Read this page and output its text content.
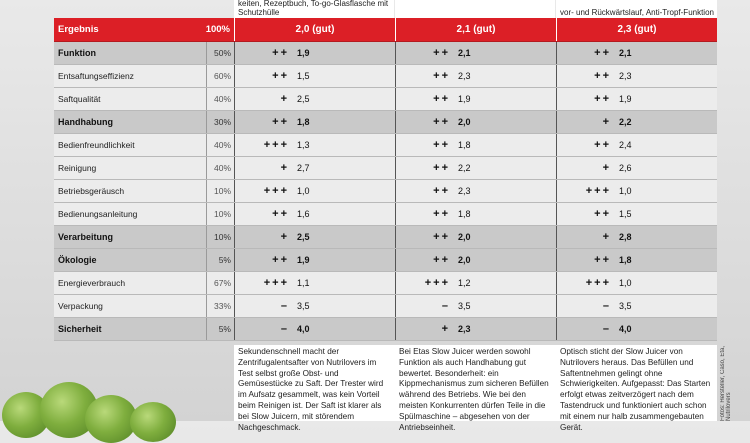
keiten, Rezeptbuch, To-go-Glasflasche mit Schutzhülle	vor- und Rückwärtslauf, Anti-Tropf-Funktion
Ergebnis	100%	2,0 (gut)	2,1 (gut)	2,3 (gut)
Funktion	50%	++ 1,9	++ 2,1	++ 2,1
Entsaftungseffizienz	60%	++ 1,5	++ 2,3	++ 2,3
Saftqualität	40%	+ 2,5	++ 1,9	++ 1,9
Handhabung	30%	++ 1,8	++ 2,0	+ 2,2
Bedienfreundlichkeit	40%	+++ 1,3	++ 1,8	++ 2,4
Reinigung	40%	+ 2,7	++ 2,2	+ 2,6
Betriebsgeräusch	10%	+++ 1,0	++ 2,3	+++ 1,0
Bedienungsanleitung	10%	++ 1,6	++ 1,8	++ 1,5
Verarbeitung	10%	+ 2,5	++ 2,0	+ 2,8
Ökologie	5%	++ 1,9	++ 2,0	++ 1,8
Energieverbrauch	67%	+++ 1,1	+++ 1,2	+++ 1,0
Verpackung	33%	– 3,5	– 3,5	– 3,5
Sicherheit	5%	– 4,0	+ 2,3	– 4,0
Sekundenschnell macht der Zentrifugalentsafter von Nutrilovers im Test selbst große Obst- und Gemüsestücke zu Saft. Der Trester wird im Aufsatz gesammelt, was kein Vorteil beim Reinigen ist. Der Saft ist klarer als bei Slow Juicern, mit störendem Nachgeschmack.
Bei Etas Slow Juicer werden sowohl Funktion als auch Handhabung gut bewertet. Besonderheit: ein Kippmechanismus zum sicheren Befüllen während des Betriebs. Wie bei den meisten Konkurrenten dürfen Teile in die Spülmaschine – abgesehen von der Antriebseinheit.
Optisch sticht der Slow Juicer von Nutrilovers heraus. Das Befüllen und Saftentnehmen gelingt ohne Schwierigkeiten. Aufgepasst: Das Starten erfolgt etwas zeitverzögert nach dem Tastendruck und funktioniert auch schon mit einem nur halb zusammengebauten Gerät.
Fotos: Hersteller, Caso, Eta, Nutrilovers
